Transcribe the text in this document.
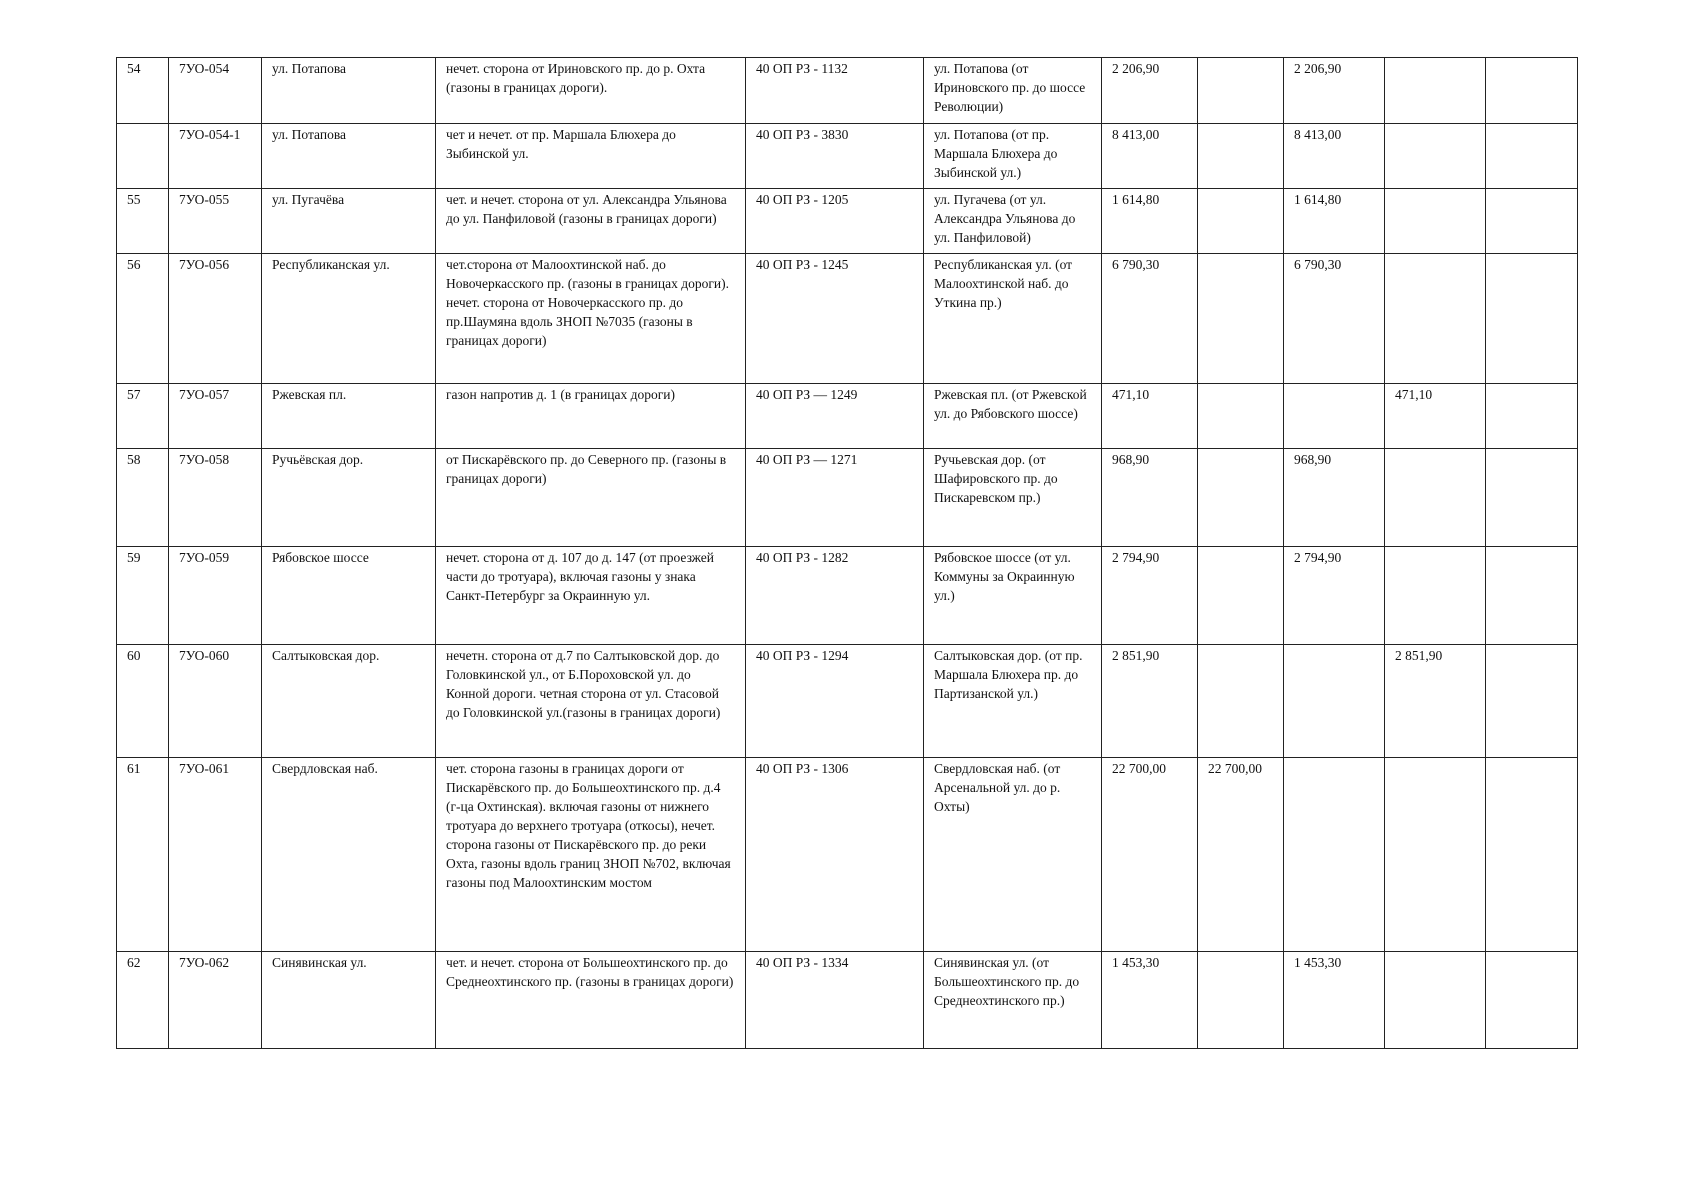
54	7УО-054	ул. Потапова	нечет. сторона от Ириновского пр. до р. Охта (газоны в границах дороги).	40 ОП РЗ - 1132	ул. Потапова (от Ириновского пр. до шоссе Революции)	2 206,90		2 206,90		
	7УО-054-1	ул. Потапова	чет и нечет. от пр. Маршала Блюхера до Зыбинской ул.	40 ОП РЗ - 3830	ул. Потапова (от пр. Маршала Блюхера до Зыбинской ул.)	8 413,00		8 413,00		
55	7УО-055	ул. Пугачёва	чет. и нечет. сторона от ул. Александра Ульянова до ул. Панфиловой (газоны в границах дороги)	40 ОП РЗ - 1205	ул. Пугачева (от ул. Александра Ульянова до ул. Панфиловой)	1 614,80		1 614,80		
56	7УО-056	Республиканская ул.	чет.сторона от Малоохтинской наб. до Новочеркасского пр. (газоны в границах дороги). нечет. сторона от Новочеркасского пр. до пр.Шаумяна вдоль ЗНОП №7035 (газоны в границах дороги)	40 ОП РЗ - 1245	Республиканская ул. (от Малоохтинской наб. до Уткина пр.)	6 790,30		6 790,30		
57	7УО-057	Ржевская пл.	газон напротив д. 1 (в границах дороги)	40 ОП РЗ — 1249	Ржевская пл. (от Ржевской ул. до Рябовского шоссе)	471,10			471,10	
58	7УО-058	Ручьёвская дор.	от Пискарёвского пр. до Северного пр. (газоны в границах дороги)	40 ОП РЗ — 1271	Ручьевская дор. (от Шафировского пр. до Пискаревском пр.)	968,90		968,90		
59	7УО-059	Рябовское шоссе	нечет. сторона от д. 107 до д. 147 (от проезжей части до тротуара), включая газоны у знака Санкт-Петербург за Окраинную ул.	40 ОП РЗ - 1282	Рябовское шоссе (от ул. Коммуны за Окраинную ул.)	2 794,90		2 794,90		
60	7УО-060	Салтыковская дор.	нечетн. сторона от д.7 по Салтыковской дор. до Головкинской ул., от Б.Пороховской ул. до Конной дороги. четная сторона от ул. Стасовой до Головкинской ул.(газоны в границах дороги)	40 ОП РЗ - 1294	Салтыковская дор. (от пр. Маршала Блюхера пр. до Партизанской ул.)	2 851,90			2 851,90	
61	7УО-061	Свердловская наб.	чет. сторона газоны в границах дороги от Пискарёвского пр. до Большеохтинского пр. д.4 (г-ца Охтинская). включая газоны от нижнего тротуара до верхнего тротуара (откосы), нечет. сторона газоны от Пискарёвского пр. до реки Охта, газоны вдоль границ ЗНОП №702, включая газоны под Малоохтинским мостом	40 ОП РЗ - 1306	Свердловская наб. (от Арсенальной ул. до р. Охты)	22 700,00	22 700,00			
62	7УО-062	Синявинская ул.	чет. и нечет. сторона от Большеохтинского пр. до Среднеохтинского пр. (газоны в границах дороги)	40 ОП РЗ - 1334	Синявинская ул. (от Большеохтинского пр. до Среднеохтинского пр.)	1 453,30		1 453,30		
